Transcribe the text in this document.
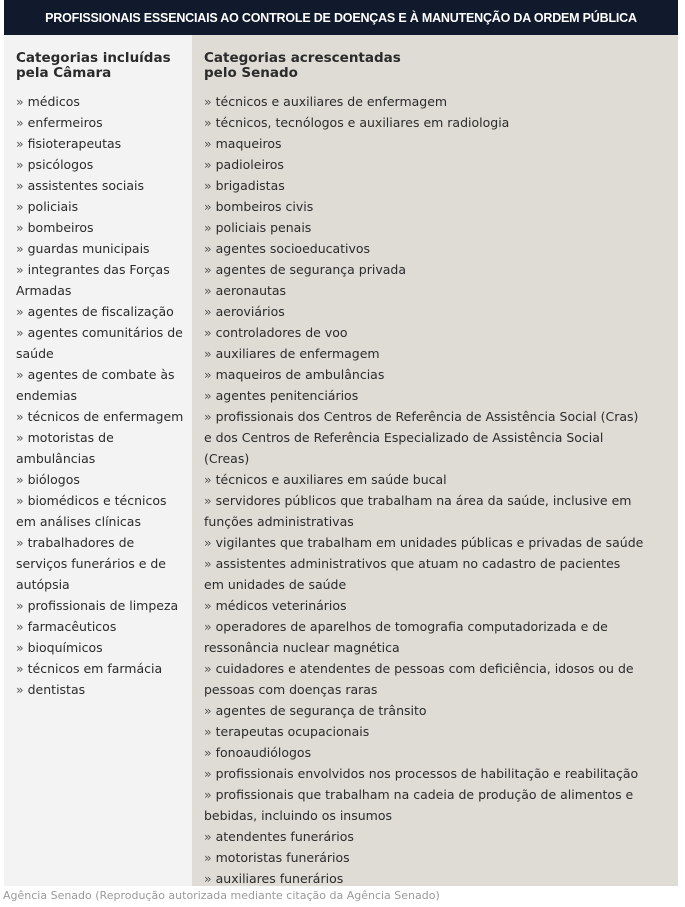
PROFISSIONAIS ESSENCIAIS AO CONTROLE DE DOENÇAS E À MANUTENÇÃO DA ORDEM PÚBLICA
Categorias incluídas
pela Câmara
» médicos
» enfermeiros
» fisioterapeutas
» psicólogos
» assistentes sociais
» policiais
» bombeiros
» guardas municipais
» integrantes das Forças Armadas
» agentes de fiscalização
» agentes comunitários de saúde
» agentes de combate às endemias
» técnicos de enfermagem
» motoristas de ambulâncias
» biólogos
» biomédicos e técnicos em análises clínicas
» trabalhadores de serviços funerários e de autópsia
» profissionais de limpeza
» farmacêuticos
» bioquímicos
» técnicos em farmácia
» dentistas
Categorias acrescentadas
pelo Senado
» técnicos e auxiliares de enfermagem
» técnicos, tecnólogos e auxiliares em radiologia
» maqueiros
» padioleiros
» brigadistas
» bombeiros civis
» policiais penais
» agentes socioeducativos
» agentes de segurança privada
» aeronautas
» aeroviários
» controladores de voo
» auxiliares de enfermagem
» maqueiros de ambulâncias
» agentes penitenciários
» profissionais dos Centros de Referência de Assistência Social (Cras) e dos Centros de Referência Especializado de Assistência Social (Creas)
» técnicos e auxiliares em saúde bucal
» servidores públicos que trabalham na área da saúde, inclusive em funções administrativas
» vigilantes que trabalham em unidades públicas e privadas de saúde
» assistentes administrativos que atuam no cadastro de pacientes em unidades de saúde
» médicos veterinários
» operadores de aparelhos de tomografia computadorizada e de ressonância nuclear magnética
» cuidadores e atendentes de pessoas com deficiência, idosos ou de pessoas com doenças raras
» agentes de segurança de trânsito
» terapeutas ocupacionais
» fonoaudiólogos
» profissionais envolvidos nos processos de habilitação e reabilitação
» profissionais que trabalham na cadeia de produção de alimentos e bebidas, incluindo os insumos
» atendentes funerários
» motoristas funerários
» auxiliares funerários
Agência Senado (Reprodução autorizada mediante citação da Agência Senado)
